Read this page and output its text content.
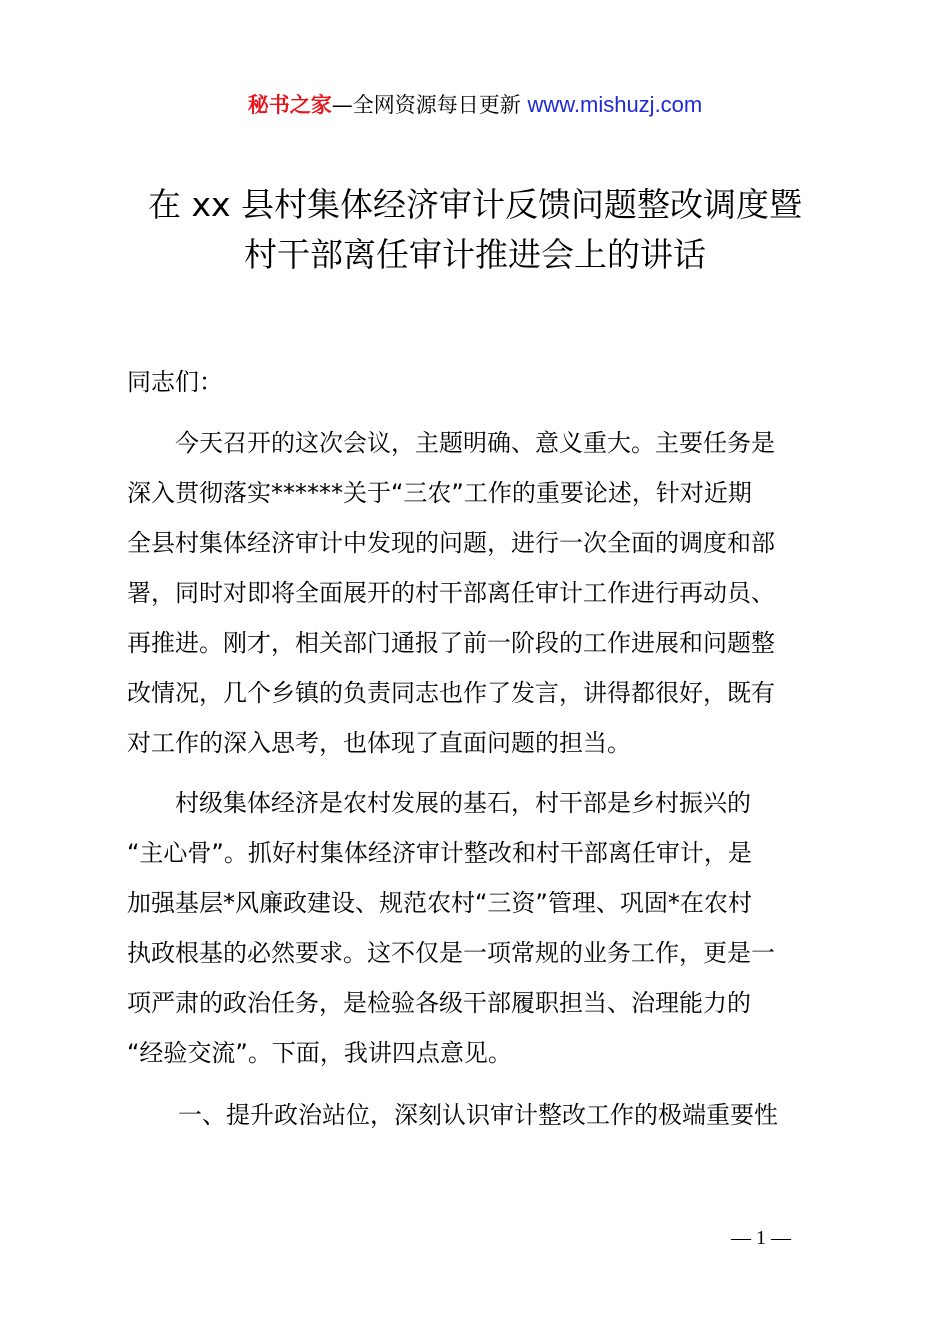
秘书之家—全网资源每日更新 www.mishuzj.com
在 xx 县村集体经济审计反馈问题整改调度暨
村干部离任审计推进会上的讲话
同志们：
今天召开的这次会议，主题明确、意义重大。主要任务是
深入贯彻落实******关于“三农”工作的重要论述，针对近期
全县村集体经济审计中发现的问题，进行一次全面的调度和部
署，同时对即将全面展开的村干部离任审计工作进行再动员、
再推进。刚才，相关部门通报了前一阶段的工作进展和问题整
改情况，几个乡镇的负责同志也作了发言，讲得都很好，既有
对工作的深入思考，也体现了直面问题的担当。
村级集体经济是农村发展的基石，村干部是乡村振兴的
“主心骨”。抓好村集体经济审计整改和村干部离任审计，是
加强基层*风廉政建设、规范农村“三资”管理、巩固*在农村
执政根基的必然要求。这不仅是一项常规的业务工作，更是一
项严肃的政治任务，是检验各级干部履职担当、治理能力的
“经验交流”。下面，我讲四点意见。
一、提升政治站位，深刻认识审计整改工作的极端重要性
— 1 —
